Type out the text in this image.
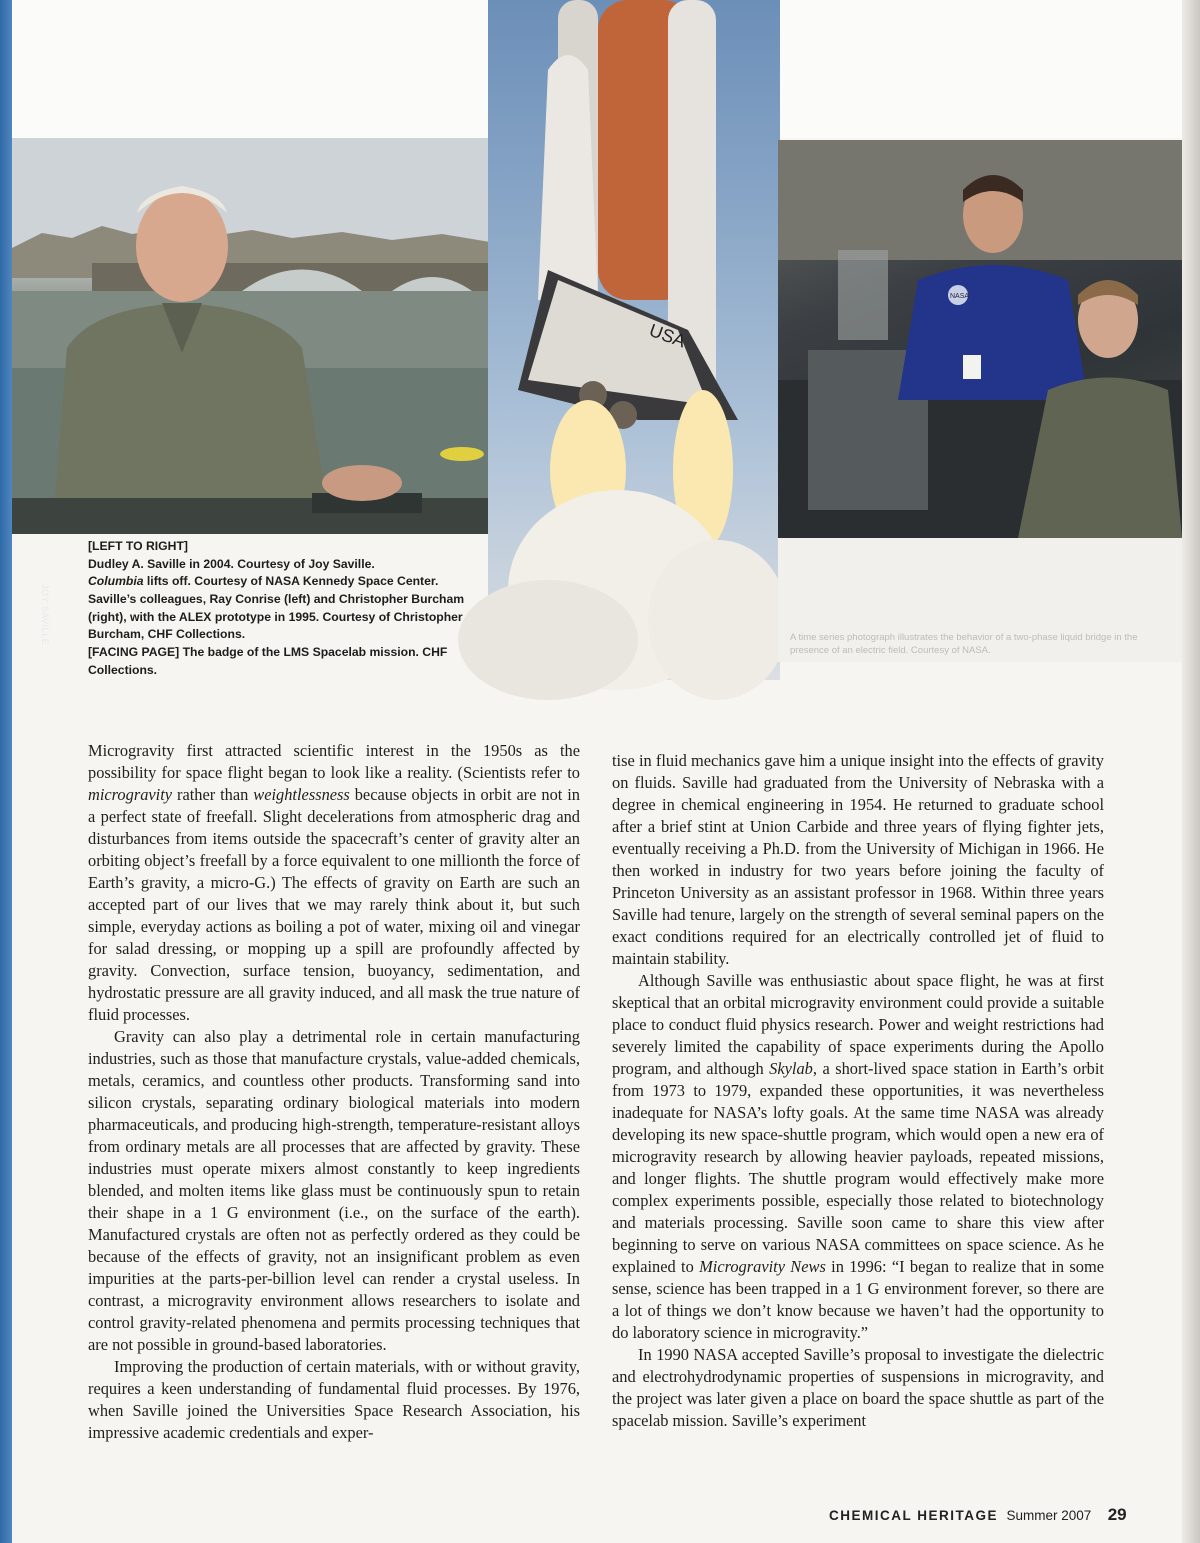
JOY SAVILLE
USA
NASA
A time series photograph illustrates the behavior of a two-phase liquid bridge in the presence of an electric field. Courtesy of NASA.

[LEFT TO RIGHT]

Dudley A. Saville in 2004. Courtesy of Joy Saville.

Columbia lifts off. Courtesy of NASA Kennedy Space Center.

Saville’s colleagues, Ray Conrise (left) and Christopher Burcham (right), with the ALEX prototype in 1995. Courtesy of Christopher Burcham, CHF Collections.

[FACING PAGE] The badge of the LMS Spacelab mission. CHF Collections.

Microgravity first attracted scientific interest in the 1950s as the possibility for space flight began to look like a reality. (Scientists refer to microgravity rather than weightlessness because objects in orbit are not in a perfect state of freefall. Slight decelerations from atmospheric drag and disturbances from items outside the spacecraft’s center of gravity alter an orbiting object’s freefall by a force equivalent to one millionth the force of Earth’s gravity, a micro-G.) The effects of gravity on Earth are such an accepted part of our lives that we may rarely think about it, but such simple, everyday actions as boiling a pot of water, mixing oil and vinegar for salad dressing, or mopping up a spill are profoundly affected by gravity. Convection, surface tension, buoyancy, sedimentation, and hydrostatic pressure are all gravity induced, and all mask the true nature of fluid processes.

Gravity can also play a detrimental role in certain manufacturing industries, such as those that manufacture crystals, value-added chemicals, metals, ceramics, and countless other products. Transforming sand into silicon crystals, separating ordinary biological materials into modern pharmaceuticals, and producing high-strength, temperature-resistant alloys from ordinary metals are all processes that are affected by gravity. These industries must operate mixers almost constantly to keep ingredients blended, and molten items like glass must be continuously spun to retain their shape in a 1 G environment (i.e., on the surface of the earth). Manufactured crystals are often not as perfectly ordered as they could be because of the effects of gravity, not an insignificant problem as even impurities at the parts-per-billion level can render a crystal useless. In contrast, a microgravity environment allows researchers to isolate and control gravity-related phenomena and permits processing techniques that are not possible in ground-based laboratories.

Improving the production of certain materials, with or without gravity, requires a keen understanding of fundamental fluid processes. By 1976, when Saville joined the Universities Space Research Association, his impressive academic credentials and exper-

tise in fluid mechanics gave him a unique insight into the effects of gravity on fluids. Saville had graduated from the University of Nebraska with a degree in chemical engineering in 1954. He returned to graduate school after a brief stint at Union Carbide and three years of flying fighter jets, eventually receiving a Ph.D. from the University of Michigan in 1966. He then worked in industry for two years before joining the faculty of Princeton University as an assistant professor in 1968. Within three years Saville had tenure, largely on the strength of several seminal papers on the exact conditions required for an electrically controlled jet of fluid to maintain stability.

Although Saville was enthusiastic about space flight, he was at first skeptical that an orbital microgravity environment could provide a suitable place to conduct fluid physics research. Power and weight restrictions had severely limited the capability of space experiments during the Apollo program, and although Skylab, a short-lived space station in Earth’s orbit from 1973 to 1979, expanded these opportunities, it was nevertheless inadequate for NASA’s lofty goals. At the same time NASA was already developing its new space-shuttle program, which would open a new era of microgravity research by allowing heavier payloads, repeated missions, and longer flights. The shuttle program would effectively make more complex experiments possible, especially those related to biotechnology and materials processing. Saville soon came to share this view after beginning to serve on various NASA committees on space science. As he explained to Microgravity News in 1996: “I began to realize that in some sense, science has been trapped in a 1 G environment forever, so there are a lot of things we don’t know because we haven’t had the opportunity to do laboratory science in microgravity.”

In 1990 NASA accepted Saville’s proposal to investigate the dielectric and electrohydrodynamic properties of suspensions in microgravity, and the project was later given a place on board the space shuttle as part of the spacelab mission. Saville’s experiment

CHEMICAL HERITAGE Summer 2007 29
